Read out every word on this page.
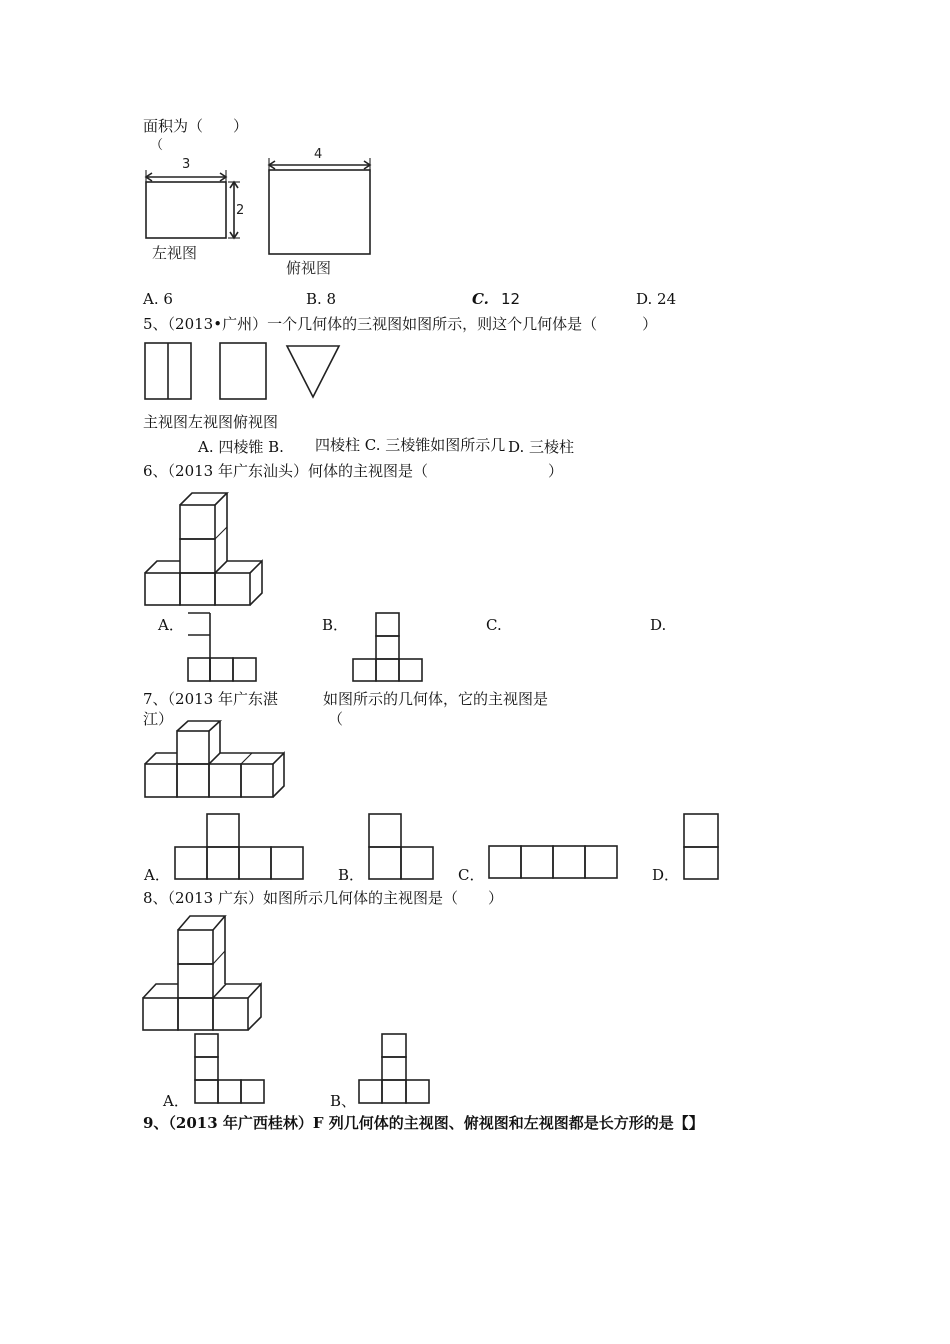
面积为（　　）
（
3
2
左视图
4
俯视图
A. 6	B. 8	C. 12	D. 24
5、（2013•广州）一个几何体的三视图如图所示，则这个几何体是（　　　）
主视图左视图俯视图
A. 四棱锥 B. 四棱柱 C. 三棱锥如图所示几 D. 三棱柱
6、（2013 年广东汕头）何体的主视图是（　　　　　　　　）
A．	B．	C.	D.
7、（2013 年广东湛
江）
如图所示的几何体，它的主视图是
（
A．	B．	C．	D．
8、（2013 广东）如图所示几何体的主视图是（　　）
A．	B、
9、（2013 年广西桂林）F 列几何体的主视图、俯视图和左视图都是长方形的是【】
